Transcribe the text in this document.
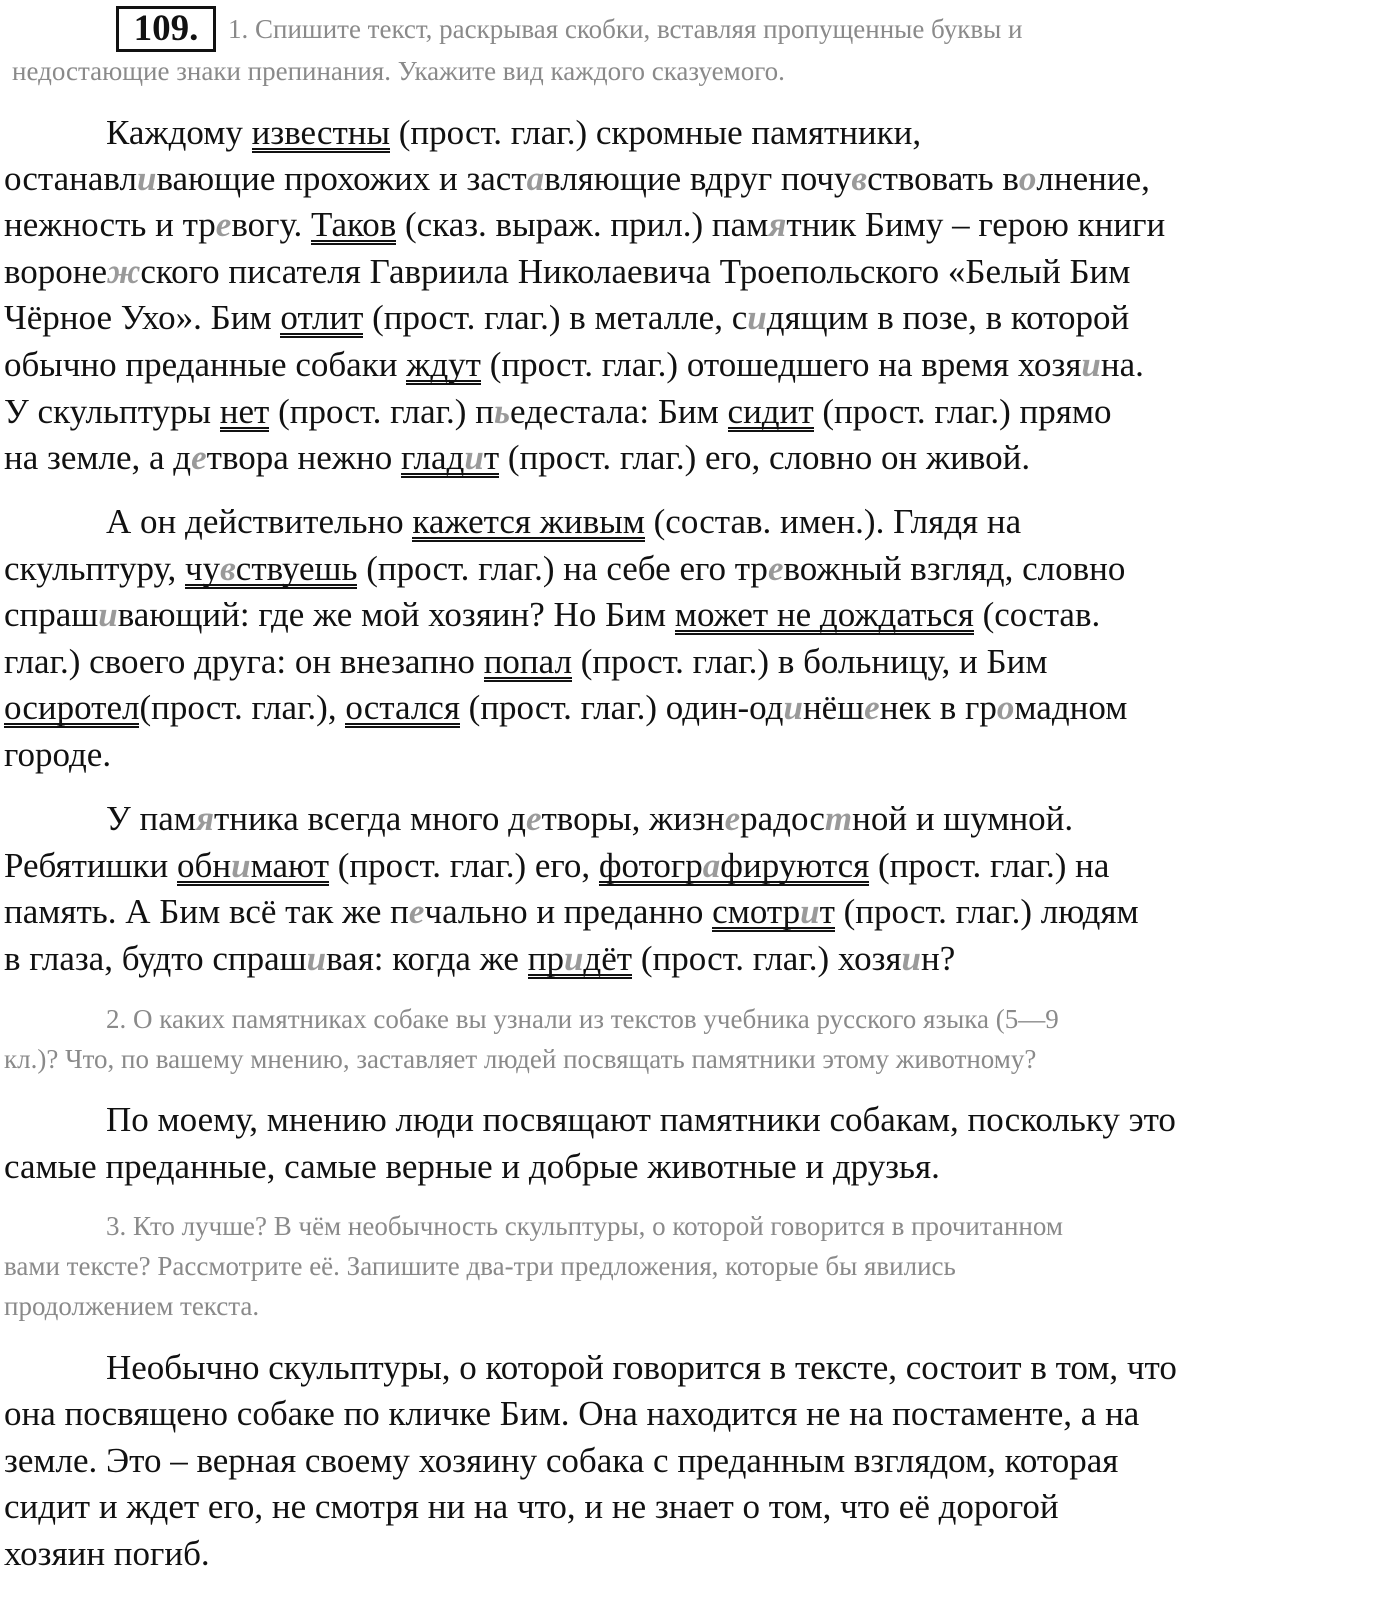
109.	1. Спишите текст, раскрывая скобки, вставляя пропущенные буквы и
недостающие знаки препинания. Укажите вид каждого сказуемого.
Каждому известны (прост. глаг.) скромные памятники,
останавливающие прохожих и заставляющие вдруг почувствовать волнение,
нежность и тревогу. Таков (сказ. выраж. прил.) памятник Биму – герою книги
воронежского писателя Гавриила Николаевича Троепольского «Белый Бим
Чёрное Ухо». Бим отлит (прост. глаг.) в металле, сидящим в позе, в которой
обычно преданные собаки ждут (прост. глаг.) отошедшего на время хозяина.
У скульптуры нет (прост. глаг.) пьедестала: Бим сидит (прост. глаг.) прямо
на земле, а детвора нежно гладит (прост. глаг.) его, словно он живой.
А он действительно кажется живым (состав. имен.). Глядя на
скульптуру, чувствуешь (прост. глаг.) на себе его тревожный взгляд, словно
спрашивающий: где же мой хозяин? Но Бим может не дождаться (состав.
глаг.) своего друга: он внезапно попал (прост. глаг.) в больницу, и Бим
осиротел(прост. глаг.), остался (прост. глаг.) один-одинёшенек в громадном
городе.
У памятника всегда много детворы, жизнерадостной и шумной.
Ребятишки обнимают (прост. глаг.) его, фотографируются (прост. глаг.) на
память. А Бим всё так же печально и преданно смотрит (прост. глаг.) людям
в глаза, будто спрашивая: когда же придёт (прост. глаг.) хозяин?
2. О каких памятниках собаке вы узнали из текстов учебника русского языка (5—9
кл.)? Что, по вашему мнению, заставляет людей посвящать памятники этому животному?
По моему, мнению люди посвящают памятники собакам, поскольку это
самые преданные, самые верные и добрые животные и друзья.
3. Кто лучше? В чём необычность скульптуры, о которой говорится в прочитанном
вами тексте? Рассмотрите её. Запишите два-три предложения, которые бы явились
продолжением текста.
Необычно скульптуры, о которой говорится в тексте, состоит в том, что
она посвящено собаке по кличке Бим. Она находится не на постаменте, а на
земле. Это – верная своему хозяину собака с преданным взглядом, которая
сидит и ждет его, не смотря ни на что, и не знает о том, что её дорогой
хозяин погиб.
